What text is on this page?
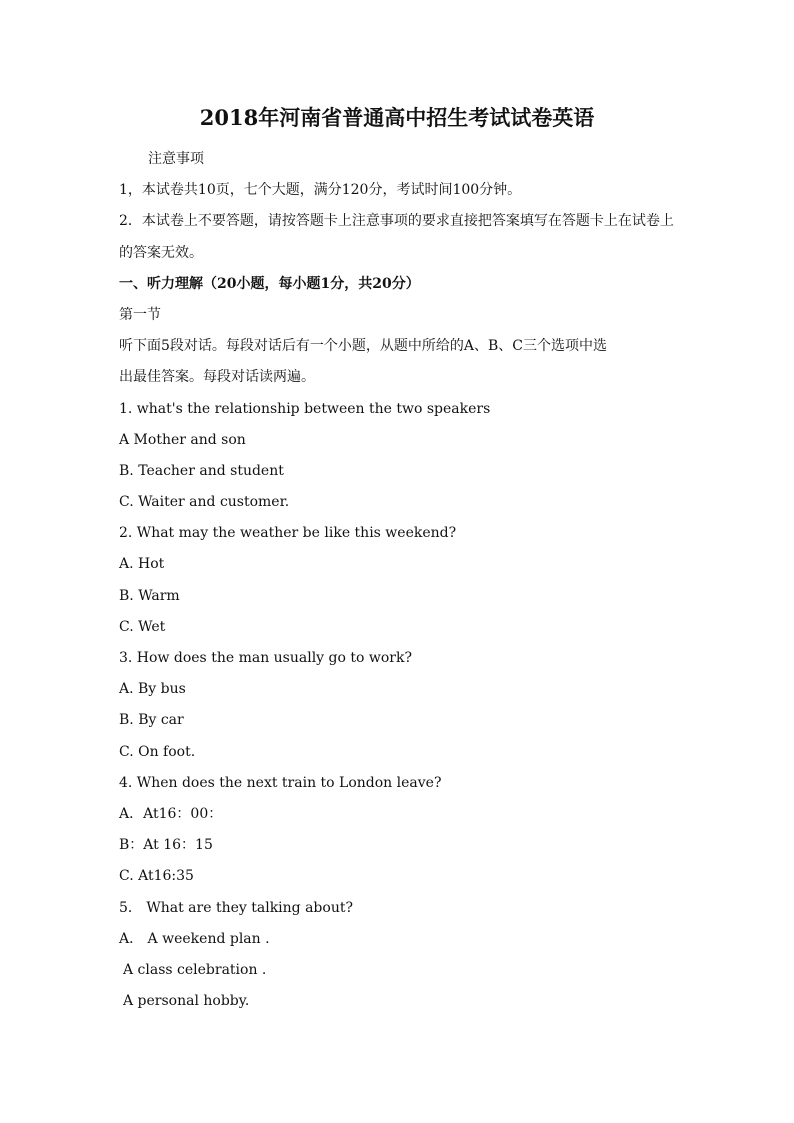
2018年河南省普通高中招生考试试卷英语
注意事项
1，本试卷共10页，七个大题，满分120分，考试时间100分钟。
2．本试卷上不要答题，请按答题卡上注意事项的要求直接把答案填写在答题卡上在试卷上
的答案无效。
一、听力理解（20小题，每小题1分，共20分）
第一节
听下面5段对话。每段对话后有一个小题，从题中所给的A、B、C三个选项中选
出最佳答案。每段对话读两遍。
1. what's the relationship between the two speakers
A Mother and son
B. Teacher and student
C. Waiter and customer.
2. What may the weather be like this weekend?
A. Hot
B. Warm
C. Wet
3. How does the man usually go to work?
A. By bus
B. By car
C. On foot.
4. When does the next train to London leave?
A．At16：00：
B：At 16：15
C. At16:35
5． What are they talking about?
A． A weekend plan .
A class celebration .
A personal hobby.
